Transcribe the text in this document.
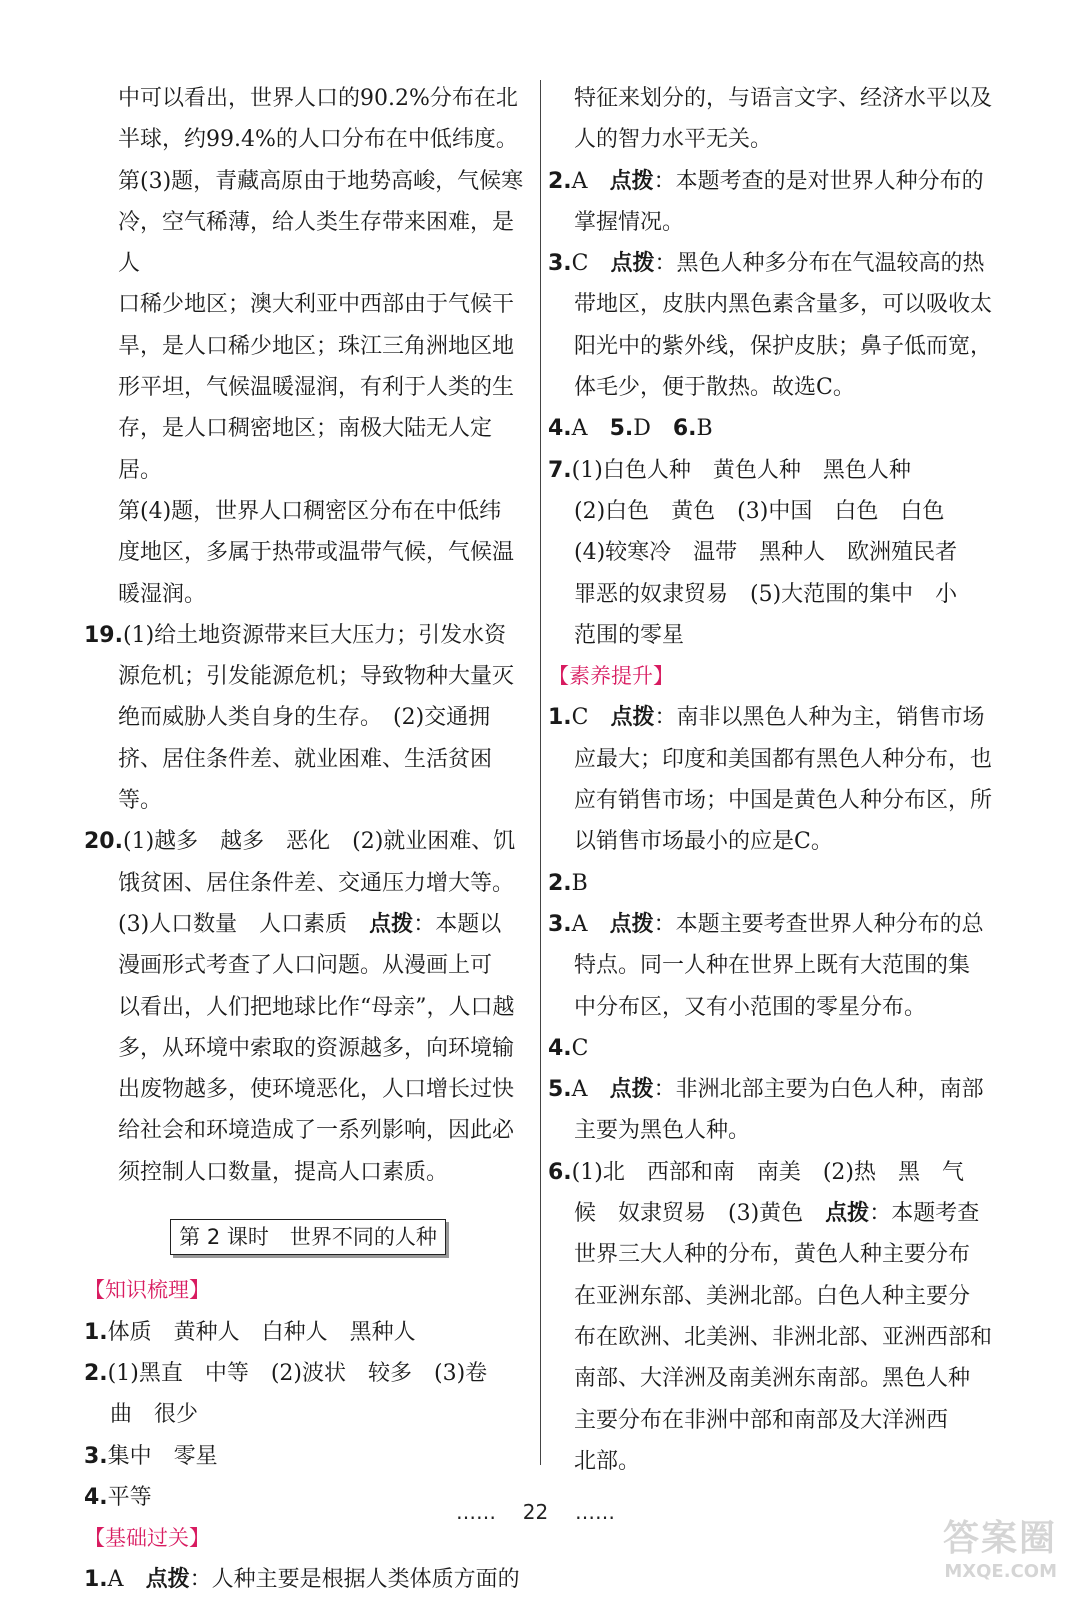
中可以看出，世界人口的90.2%分布在北
半球，约99.4%的人口分布在中低纬度。
第(3)题，青藏高原由于地势高峻，气候寒
冷，空气稀薄，给人类生存带来困难，是人
口稀少地区；澳大利亚中西部由于气候干
旱，是人口稀少地区；珠江三角洲地区地
形平坦，气候温暖湿润，有利于人类的生
存，是人口稠密地区；南极大陆无人定居。
第(4)题，世界人口稠密区分布在中低纬
度地区，多属于热带或温带气候，气候温
暖湿润。
19.(1)给土地资源带来巨大压力；引发水资
源危机；引发能源危机；导致物种大量灭
绝而威胁人类自身的生存。　(2)交通拥
挤、居住条件差、就业困难、生活贫困等。
20.(1)越多　越多　恶化　(2)就业困难、饥
饿贫困、居住条件差、交通压力增大等。
(3)人口数量　人口素质　点拨：本题以
漫画形式考查了人口问题。从漫画上可
以看出，人们把地球比作“母亲”，人口越
多，从环境中索取的资源越多，向环境输
出废物越多，使环境恶化，人口增长过快
给社会和环境造成了一系列影响，因此必
须控制人口数量，提高人口素质。
第 2 课时　世界不同的人种
【知识梳理】
1.体质　黄种人　白种人　黑种人
2.(1)黑直　中等　(2)波状　较多　(3)卷
曲　很少
3.集中　零星
4.平等
【基础过关】
1.A 点拨：人种主要是根据人类体质方面的
特征来划分的，与语言文字、经济水平以及
人的智力水平无关。
2.A 点拨：本题考查的是对世界人种分布的
掌握情况。
3.C 点拨：黑色人种多分布在气温较高的热
带地区，皮肤内黑色素含量多，可以吸收太
阳光中的紫外线，保护皮肤；鼻子低而宽，
体毛少，便于散热。故选C。
4.A 5.D 6.B
7.(1)白色人种　黄色人种　黑色人种
(2)白色　黄色　(3)中国　白色　白色
(4)较寒冷　温带　黑种人　欧洲殖民者
罪恶的奴隶贸易　(5)大范围的集中　小
范围的零星
【素养提升】
1.C 点拨：南非以黑色人种为主，销售市场
应最大；印度和美国都有黑色人种分布，也
应有销售市场；中国是黄色人种分布区，所
以销售市场最小的应是C。
2.B
3.A 点拨：本题主要考查世界人种分布的总
特点。同一人种在世界上既有大范围的集
中分布区，又有小范围的零星分布。
4.C
5.A 点拨：非洲北部主要为白色人种，南部
主要为黑色人种。
6.(1)北　西部和南　南美　(2)热　黑　气
候　奴隶贸易　(3)黄色　点拨：本题考查
世界三大人种的分布，黄色人种主要分布
在亚洲东部、美洲北部。白色人种主要分
布在欧洲、北美洲、非洲北部、亚洲西部和
南部、大洋洲及南美洲东南部。黑色人种
主要分布在非洲中部和南部及大洋洲西
北部。
…… 22 ……
答案圈
MXQE.COM
